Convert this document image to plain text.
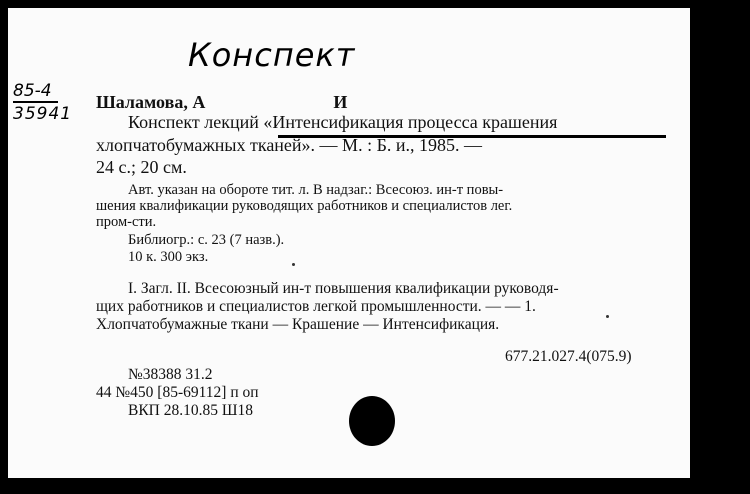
Конспект
85-4
35941
Шаламова, А	И
Конспект лекций «Интенсификация процесса крашения
хлопчатобумажных тканей». — М. : Б. и., 1985. —
24 с.; 20 см.
Авт. указан на обороте тит. л. В надзаг.: Всесоюз. ин-т повы-
шения квалификации руководящих работников и специалистов лег.
пром-сти.
Библиогр.: с. 23 (7 назв.).
10 к. 300 экз.
I. Загл. II. Всесоюзный ин-т повышения квалификации руководя-
щих работников и специалистов легкой промышленности. — — 1.
Хлопчатобумажные ткани — Крашение — Интенсификация.
677.21.027.4(075.9)
№38388 31.2
44 №450 [85-69112] п оп
ВКП 28.10.85 Ш18
